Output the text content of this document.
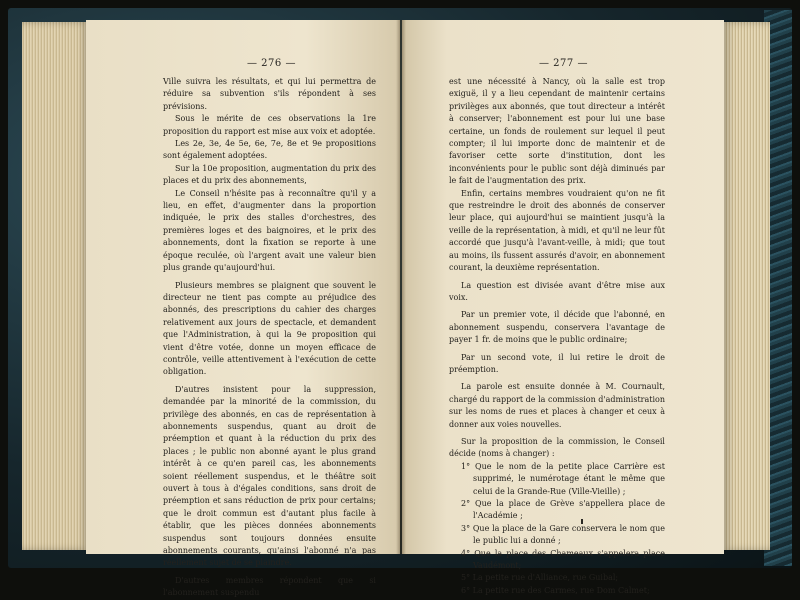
— 276 —

Ville suivra les résultats, et qui lui permettra de réduire sa subvention s'ils répondent à ses prévisions.

Sous le mérite de ces observations la 1re proposition du rapport est mise aux voix et adoptée.

Les 2e, 3e, 4e 5e, 6e, 7e, 8e et 9e propositions sont également adoptées.

Sur la 10e proposition, augmentation du prix des places et du prix des abonnements,

Le Conseil n'hésite pas à reconnaître qu'il y a lieu, en effet, d'augmenter dans la proportion indiquée, le prix des stalles d'orchestres, des premières loges et des baignoires, et le prix des abonnements, dont la fixation se reporte à une époque reculée, où l'argent avait une valeur bien plus grande qu'aujourd'hui.

Plusieurs membres se plaignent que souvent le directeur ne tient pas compte au préjudice des abonnés, des prescriptions du cahier des charges relativement aux jours de spectacle, et demandent que l'Administration, à qui la 9e proposition qui vient d'être votée, donne un moyen efficace de contrôle, veille attentivement à l'exécution de cette obligation.

D'autres insistent pour la suppression, demandée par la minorité de la commission, du privilège des abonnés, en cas de représentation à abonnements suspendus, quant au droit de préemption et quant à la réduction du prix des places ; le public non abonné ayant le plus grand intérêt à ce qu'en pareil cas, les abonnements soient réellement suspendus, et le théâtre soit ouvert à tous à d'égales conditions, sans droit de préemption et sans réduction de prix pour certains; que le droit commun est d'autant plus facile à établir, que les pièces données abonnements suspendus sont toujours données ensuite abonnements courants, qu'ainsi l'abonné n'a pas réellement sujet de se plaindre.

D'autres membres répondent que si l'abonnement suspendu

— 277 —

est une nécessité à Nancy, où la salle est trop exiguë, il y a lieu cependant de maintenir certains privilèges aux abonnés, que tout directeur a intérêt à conserver; l'abonnement est pour lui une base certaine, un fonds de roulement sur lequel il peut compter; il lui importe donc de maintenir et de favoriser cette sorte d'institution, dont les inconvénients pour le public sont déjà diminués par le fait de l'augmentation des prix.

Enfin, certains membres voudraient qu'on ne fit que restreindre le droit des abonnés de conserver leur place, qui aujourd'hui se maintient jusqu'à la veille de la représentation, à midi, et qu'il ne leur fût accordé que jusqu'à l'avant-veille, à midi; que tout au moins, ils fussent assurés d'avoir, en abonnement courant, la deuxième représentation.

La question est divisée avant d'être mise aux voix.

Par un premier vote, il décide que l'abonné, en abonnement suspendu, conservera l'avantage de payer 1 fr. de moins que le public ordinaire;

Par un second vote, il lui retire le droit de préemption.

La parole est ensuite donnée à M. Cournault, chargé du rapport de la commission d'administration sur les noms de rues et places à changer et ceux à donner aux voies nouvelles.

Sur la proposition de la commission, le Conseil décide (noms à changer) :

1° Que le nom de la petite place Carrière est supprimé, le numérotage étant le même que celui de la Grande-Rue (Ville-Vieille) ;

2° Que la place de Grève s'appellera place de l'Académie ;

3° Que la place de la Gare conservera le nom que le public lui a donné ;

4° Que la place des Chameaux s'appelera place Vaudémont;

5° La petite rue d'Alliance, rue Guibal;

6° La petite rue des Carmes, rue Dom Calmet;
